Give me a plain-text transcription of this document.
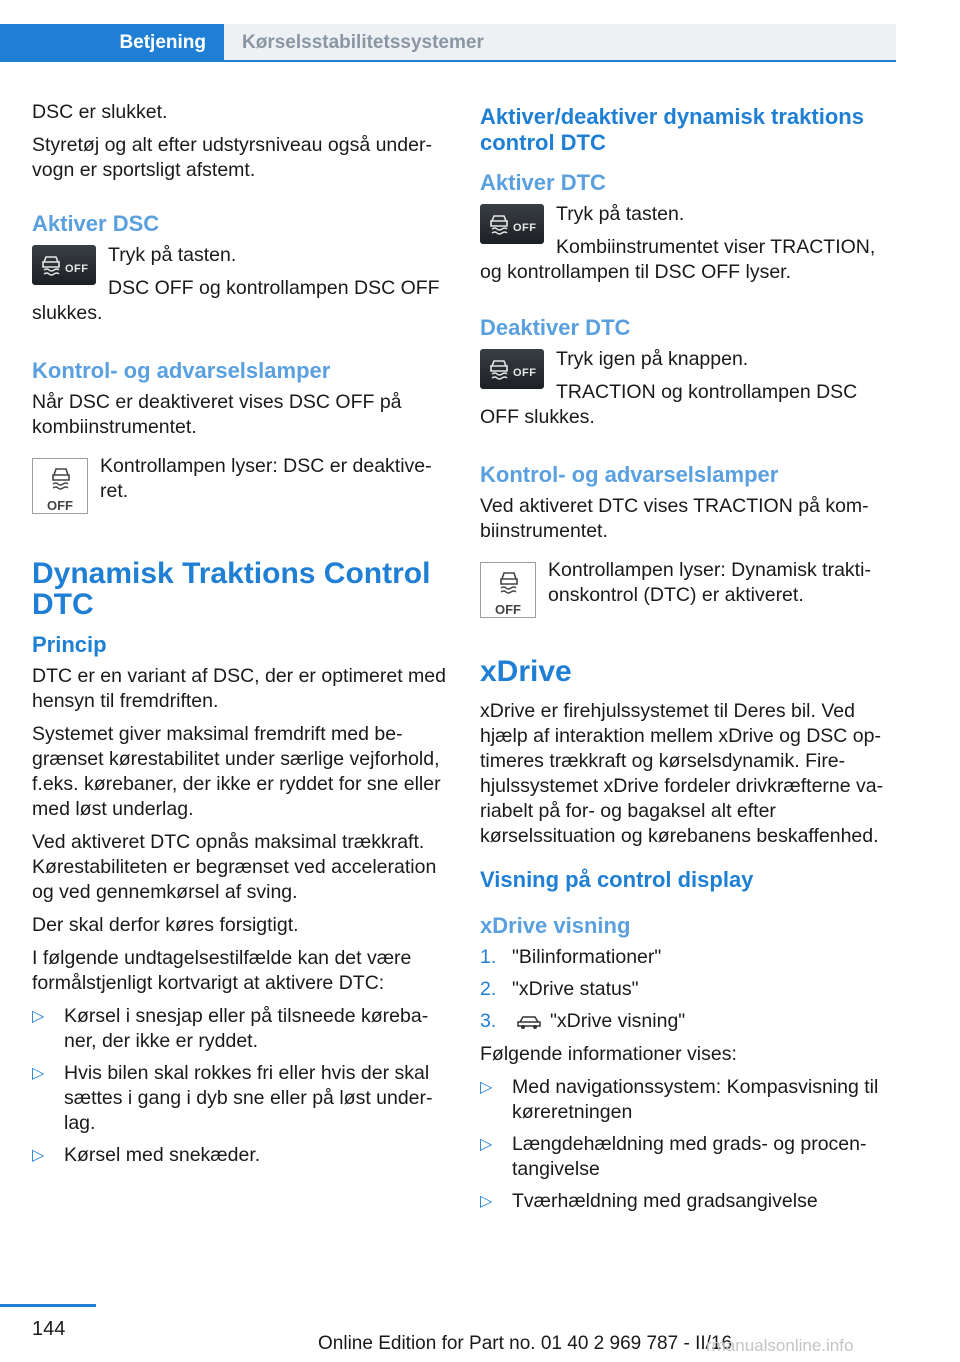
Betjening	Kørselsstabilitetssystemer

DSC er slukket.

Styretøj og alt efter udstyrsniveau også undervogn er sportsligt afstemt.

Aktiver DSC
OFF

Tryk på tasten.

DSC OFF og kontrollampen DSC OFF slukkes.

Kontrol- og advarselslamper

Når DSC er deaktiveret vises DSC OFF på kombiinstrumentet.

OFF

Kontrollampen lyser: DSC er deaktiveret.

Dynamisk Traktions Control DTC
Princip

DTC er en variant af DSC, der er optimeret med hensyn til fremdriften.

Systemet giver maksimal fremdrift med begrænset kørestabilitet under særlige vejforhold, f.eks. kørebaner, der ikke er ryddet for sne eller med løst underlag.

Ved aktiveret DTC opnås maksimal trækkraft. Kørestabiliteten er begrænset ved acceleration og ved gennemkørsel af sving.

Der skal derfor køres forsigtigt.

I følgende undtagelsestilfælde kan det være formålstjenligt kortvarigt at aktivere DTC:

▷ Kørsel i snesjap eller på tilsneede kørebaner, der ikke er ryddet.
▷ Hvis bilen skal rokkes fri eller hvis der skal sættes i gang i dyb sne eller på løst underlag.
▷ Kørsel med snekæder.
Aktiver/deaktiver dynamisk traktions control DTC
Aktiver DTC
OFF

Tryk på tasten.

Kombiinstrumentet viser TRACTION, og kontrollampen til DSC OFF lyser.

Deaktiver DTC
OFF

Tryk igen på knappen.

TRACTION og kontrollampen DSC OFF slukkes.

Kontrol- og advarselslamper

Ved aktiveret DTC vises TRACTION på kombiinstrumentet.

OFF

Kontrollampen lyser: Dynamisk traktionskontrol (DTC) er aktiveret.

xDrive

xDrive er firehjulssystemet til Deres bil. Ved hjælp af interaktion mellem xDrive og DSC optimeres trækkraft og kørselsdynamik. Firehjulssystemet xDrive fordeler drivkræfterne variabelt på for- og bagaksel alt efter kørselssituation og kørebanens beskaffenhed.

Visning på control display
xDrive visning
1. "Bilinformationer"
2. "xDrive status"
3.	"xDrive visning"

Følgende informationer vises:

▷ Med navigationssystem: Kompasvisning til køreretningen
▷ Længdehældning med grads- og procentangivelse
▷ Tværhældning med gradsangivelse
144
Online Edition for Part no. 01 40 2 969 787 - II/16
rmanualsonline.info
